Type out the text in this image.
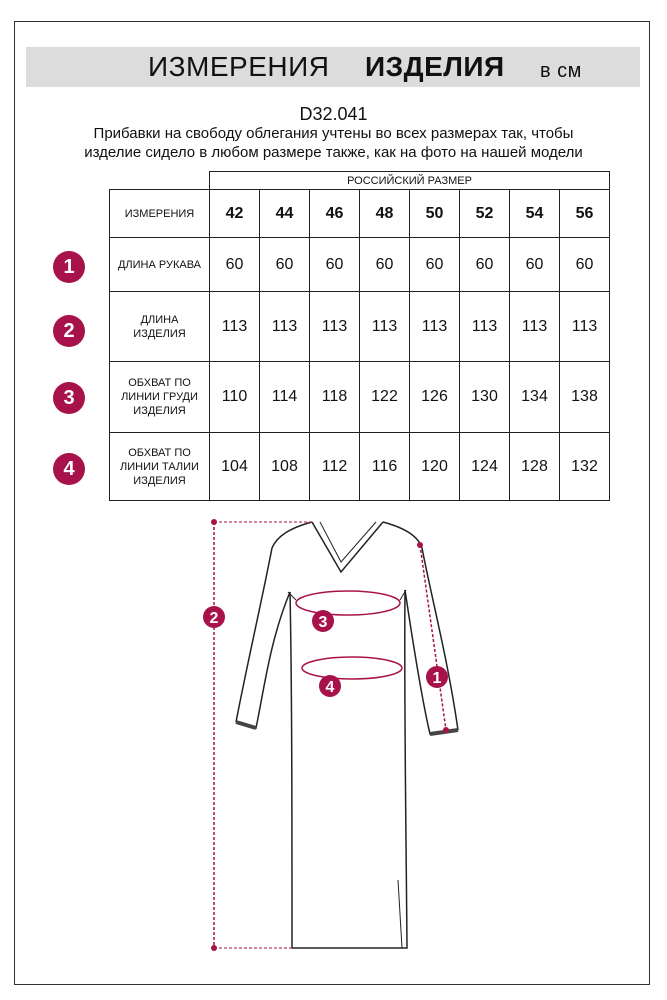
ИЗМЕРЕНИЯ ИЗДЕЛИЯ в см
D32.041
Прибавки на свободу облегания учтены во всех размерах так, чтобы
изделие сидело в любом размере также, как на фото на нашей модели
	РОССИЙСКИЙ РАЗМЕР							
ИЗМЕРЕНИЯ	42	44	46	48	50	52	54	56
ДЛИНА РУКАВА	60	60	60	60	60	60	60	60
ДЛИНА
ИЗДЕЛИЯ	113	113	113	113	113	113	113	113
ОБХВАТ ПО
ЛИНИИ ГРУДИ
ИЗДЕЛИЯ	110	114	118	122	126	130	134	138
ОБХВАТ ПО
ЛИНИИ ТАЛИИ
ИЗДЕЛИЯ	104	108	112	116	120	124	128	132
1
2
3
4
1
2	3
4
